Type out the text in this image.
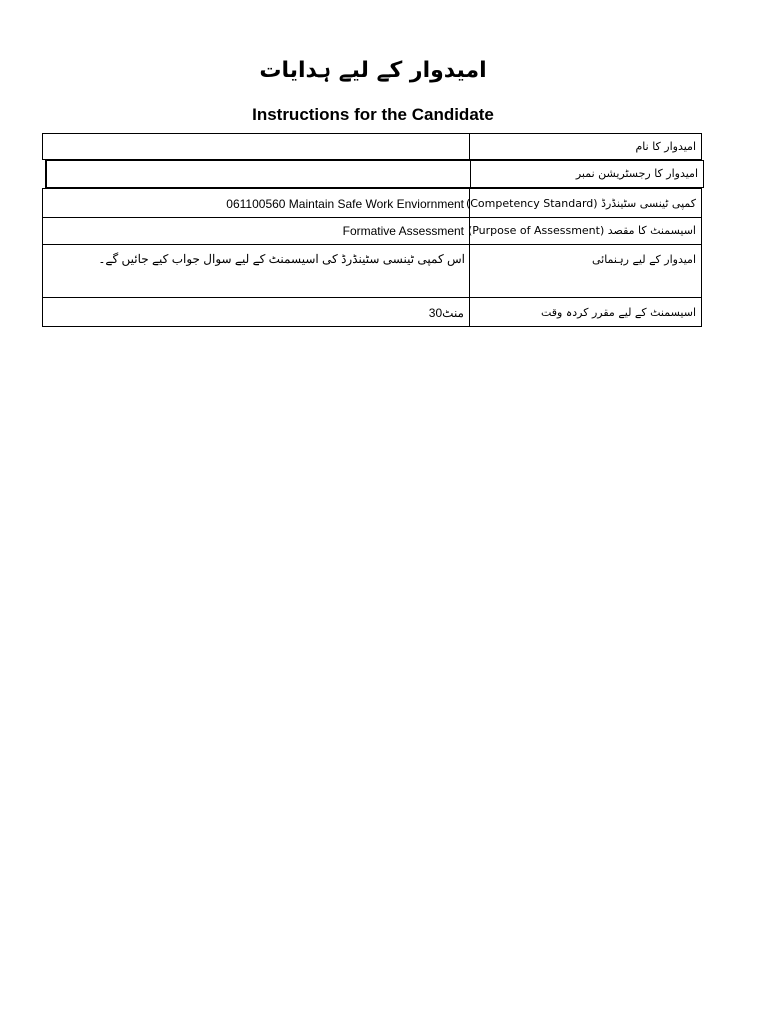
امیدوار کے لیے ہدایات
Instructions for the Candidate
امیدوار کا نام
امیدوار کا رجسٹریشن نمبر
061100560 Maintain Safe Work Enviornment کمپی ٹینسی سٹینڈرڈ (Competency Standard)
Formative Assessment اسیسمنٹ کا مقصد (Purpose of Assessment)
اس کمپی ٹینسی سٹینڈرڈ کی اسیسمنٹ کے لیے سوال جواب کیے جائیں گے۔	امیدوار کے لیے رہنمائی
30منٹ	اسیسمنٹ کے لیے مقرر کردہ وقت
